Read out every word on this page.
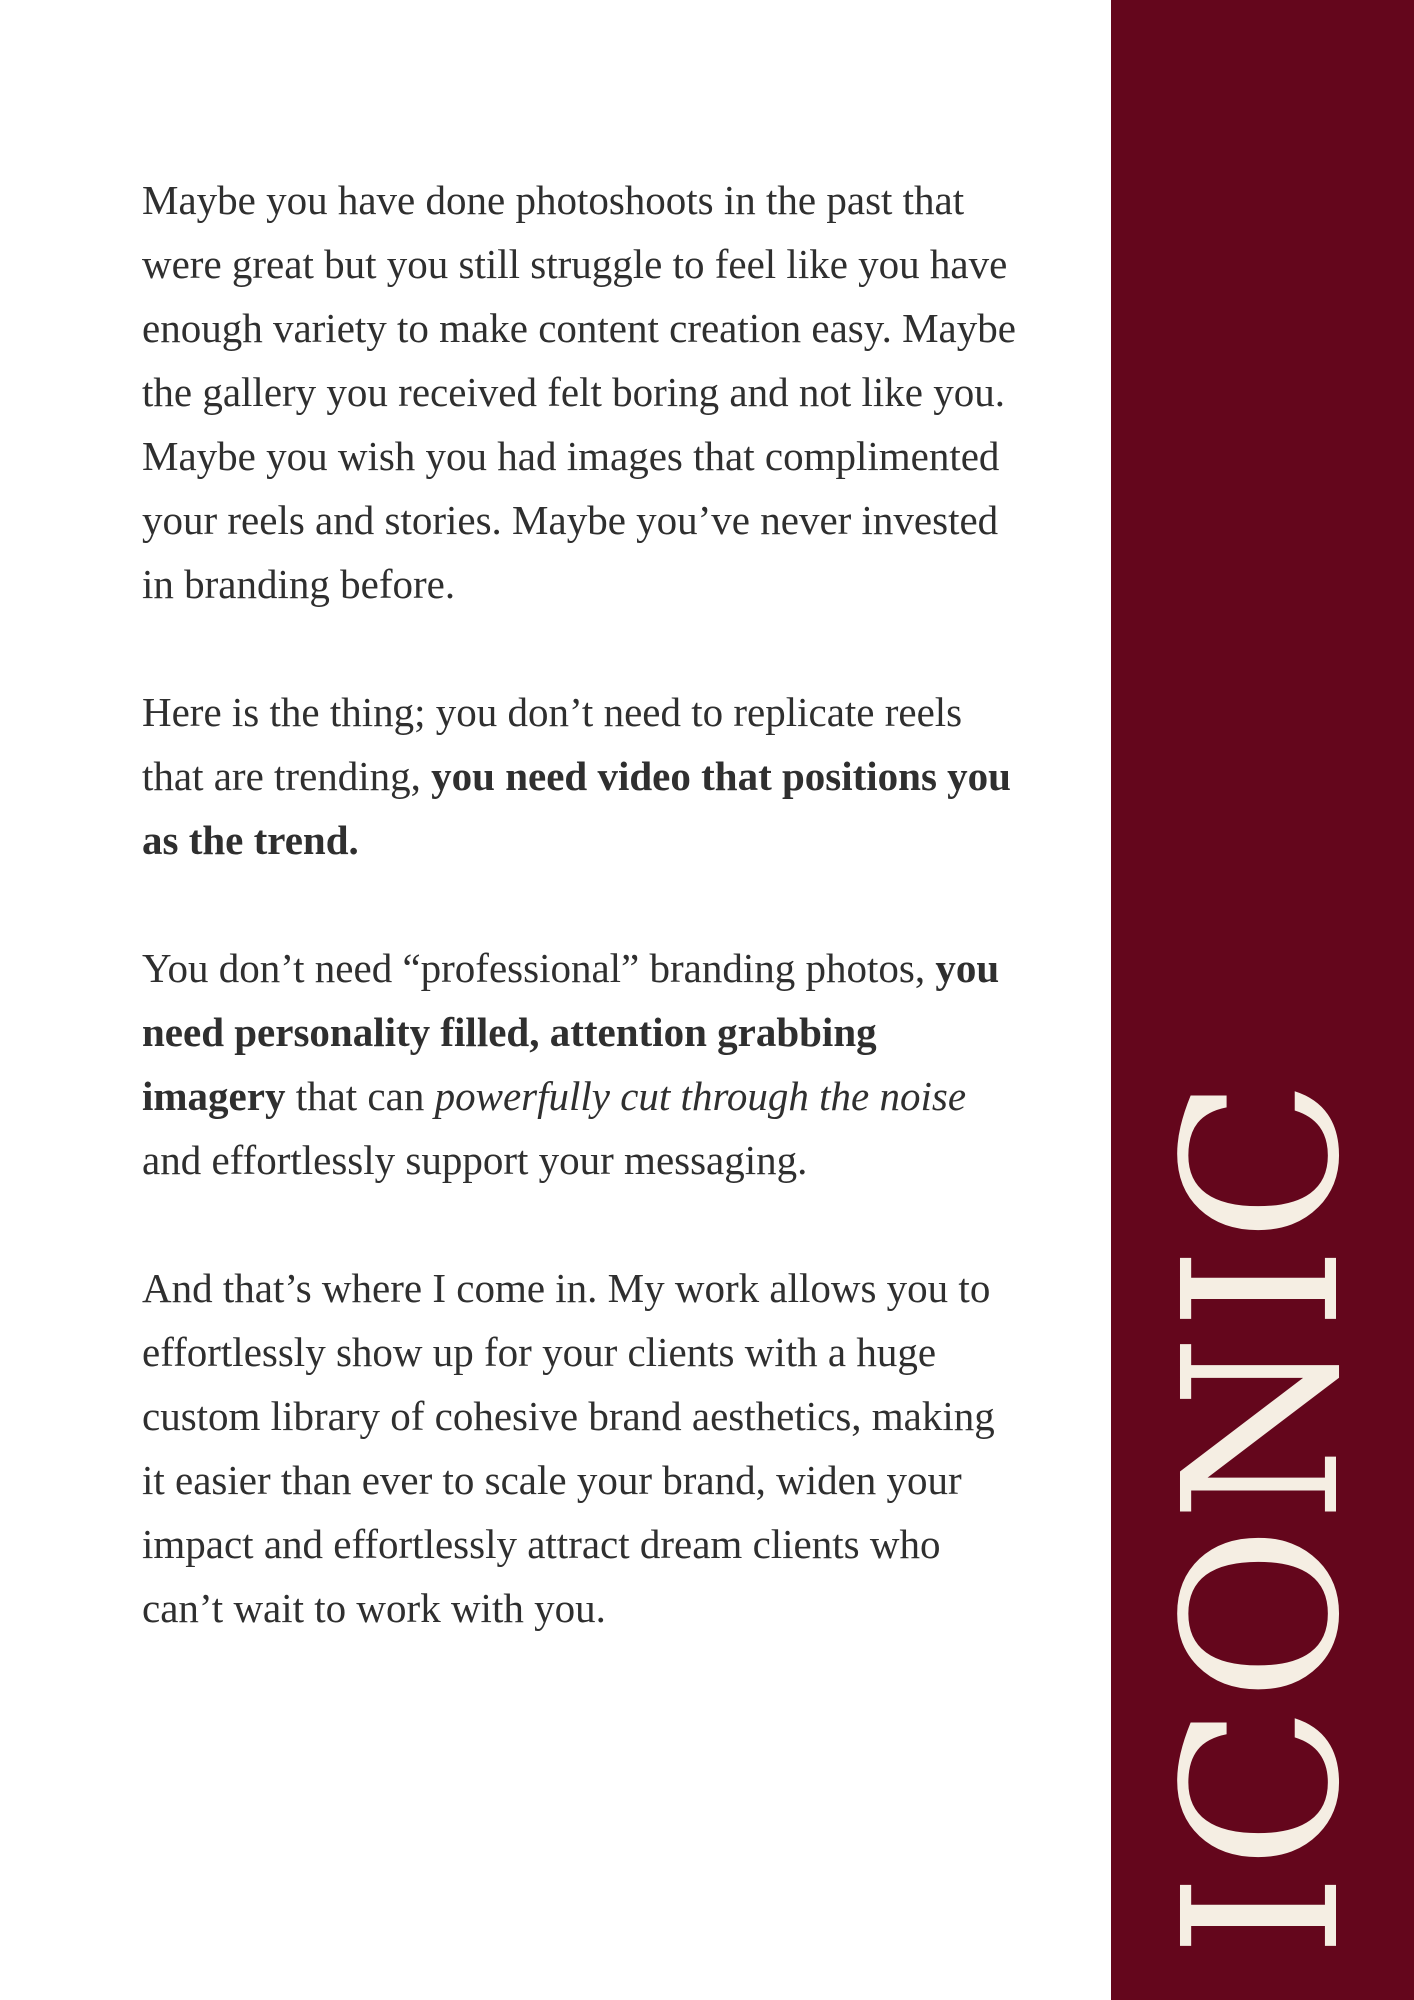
Maybe you have done photoshoots in the past that were great but you still struggle to feel like you have enough variety to make content creation easy. Maybe the gallery you received felt boring and not like you. Maybe you wish you had images that complimented your reels and stories. Maybe you’ve never invested in branding before.

Here is the thing; you don’t need to replicate reels that are trending, you need video that positions you as the trend.

You don’t need “professional” branding photos, you need personality filled, attention grabbing imagery that can powerfully cut through the noise and effortlessly support your messaging.

And that’s where I come in. My work allows you to effortlessly show up for your clients with a huge custom library of cohesive brand aesthetics, making it easier than ever to scale your brand, widen your impact and effortlessly attract dream clients who can’t wait to work with you.	ICONIC
